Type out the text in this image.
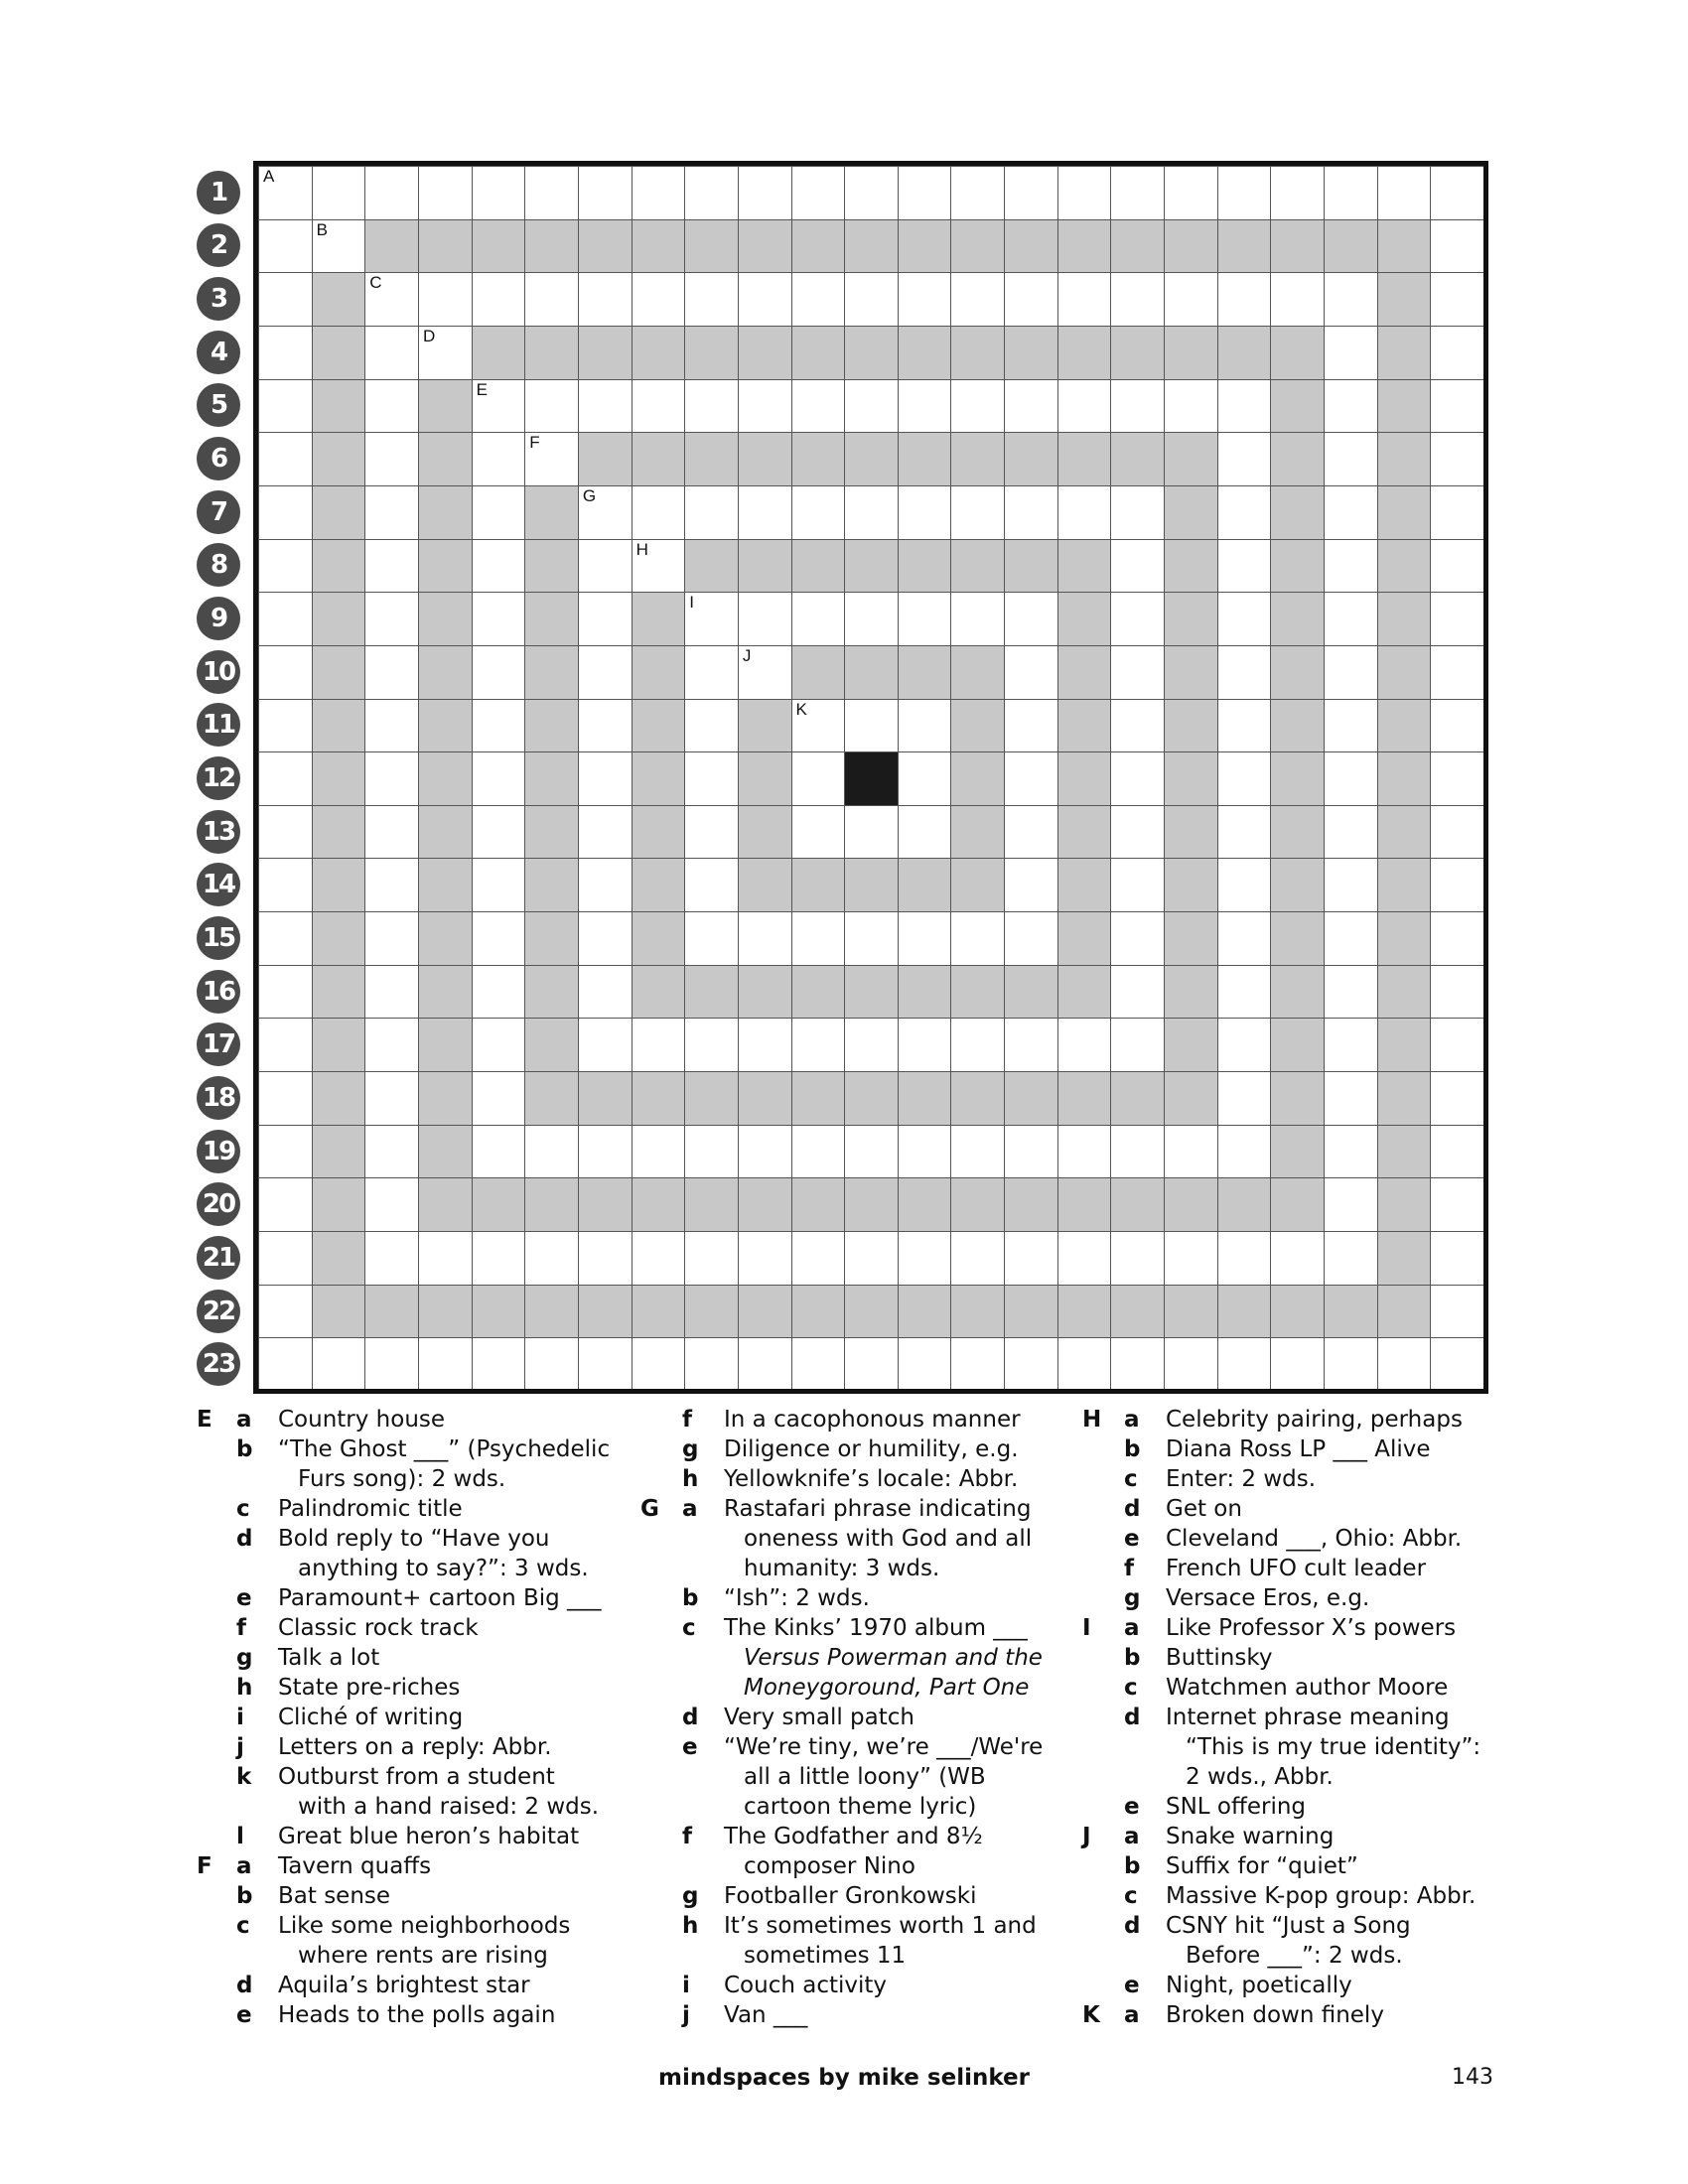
A
B
C
D
E
F
G
H
I
J
K
1
2
3
4
5
6
7
8
9
10
11
12
13
14
15
16
17
18
19
20
21
22
23
E a Country house
b “The Ghost ___” (Psychedelic
Furs song): 2 wds.
c Palindromic title
d Bold reply to “Have you
anything to say?”: 3 wds.
e Paramount+ cartoon Big ___
f Classic rock track
g Talk a lot
h State pre-riches
i Cliché of writing
j Letters on a reply: Abbr.
k Outburst from a student
with a hand raised: 2 wds.
l Great blue heron’s habitat
F a Tavern quaffs
b Bat sense
c Like some neighborhoods
where rents are rising
d Aquila’s brightest star
e Heads to the polls again
f In a cacophonous manner
g Diligence or humility, e.g.
h Yellowknife’s locale: Abbr.
G a Rastafari phrase indicating
oneness with God and all
humanity: 3 wds.
b “Ish”: 2 wds.
c The Kinks’ 1970 album ___
Versus Powerman and the
Moneygoround, Part One
d Very small patch
e “We’re tiny, we’re ___/We're
all a little loony” (WB
cartoon theme lyric)
f The Godfather and 8½
composer Nino
g Footballer Gronkowski
h It’s sometimes worth 1 and
sometimes 11
i Couch activity
j Van ___
H a Celebrity pairing, perhaps
b Diana Ross LP ___ Alive
c Enter: 2 wds.
d Get on
e Cleveland ___, Ohio: Abbr.
f French UFO cult leader
g Versace Eros, e.g.
I a Like Professor X’s powers
b Buttinsky
c Watchmen author Moore
d Internet phrase meaning
“This is my true identity”:
2 wds., Abbr.
e SNL offering
J a Snake warning
b Suffix for “quiet”
c Massive K-pop group: Abbr.
d CSNY hit “Just a Song
Before ___”: 2 wds.
e Night, poetically
K a Broken down finely
mindspaces by mike selinker	143
